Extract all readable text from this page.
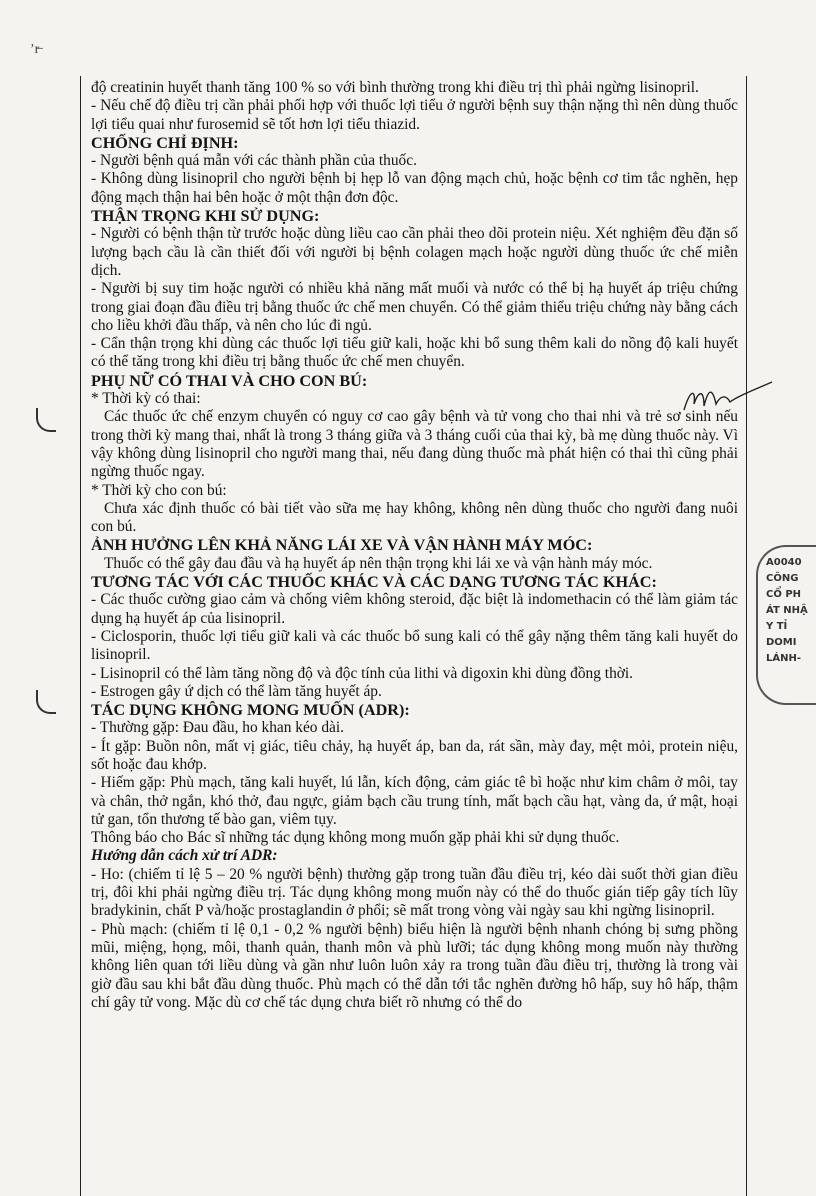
ʼr̶
A0040
CÔNG
CỔ PH
ÁT NHẬ
Y TỈ
DOMI
LÁNH-

độ creatinin huyết thanh tăng 100 % so với bình thường trong khi điều trị thì phải ngừng lisinopril.

- Nếu chế độ điều trị cần phải phối hợp với thuốc lợi tiểu ở người bệnh suy thận nặng thì nên dùng thuốc lợi tiểu quai như furosemid sẽ tốt hơn lợi tiểu thiazid.

CHỐNG CHỈ ĐỊNH:

- Người bệnh quá mẫn với các thành phần của thuốc.

- Không dùng lisinopril cho người bệnh bị hẹp lỗ van động mạch chủ, hoặc bệnh cơ tim tắc nghẽn, hẹp động mạch thận hai bên hoặc ở một thận đơn độc.

THẬN TRỌNG KHI SỬ DỤNG:

- Người có bệnh thận từ trước hoặc dùng liều cao cần phải theo dõi protein niệu. Xét nghiệm đều đặn số lượng bạch cầu là cần thiết đối với người bị bệnh colagen mạch hoặc người dùng thuốc ức chế miễn dịch.

- Người bị suy tim hoặc người có nhiều khả năng mất muối và nước có thể bị hạ huyết áp triệu chứng trong giai đoạn đầu điều trị bằng thuốc ức chế men chuyển. Có thể giảm thiểu triệu chứng này bằng cách cho liều khởi đầu thấp, và nên cho lúc đi ngủ.

- Cẩn thận trọng khi dùng các thuốc lợi tiểu giữ kali, hoặc khi bổ sung thêm kali do nồng độ kali huyết có thể tăng trong khi điều trị bằng thuốc ức chế men chuyển.

PHỤ NỮ CÓ THAI VÀ CHO CON BÚ:

* Thời kỳ có thai:

Các thuốc ức chế enzym chuyển có nguy cơ cao gây bệnh và tử vong cho thai nhi và trẻ sơ sinh nếu trong thời kỳ mang thai, nhất là trong 3 tháng giữa và 3 tháng cuối của thai kỳ, bà mẹ dùng thuốc này. Vì vậy không dùng lisinopril cho người mang thai, nếu đang dùng thuốc mà phát hiện có thai thì cũng phải ngừng thuốc ngay.

* Thời kỳ cho con bú:

Chưa xác định thuốc có bài tiết vào sữa mẹ hay không, không nên dùng thuốc cho người đang nuôi con bú.

ẢNH HƯỞNG LÊN KHẢ NĂNG LÁI XE VÀ VẬN HÀNH MÁY MÓC:

Thuốc có thể gây đau đầu và hạ huyết áp nên thận trọng khi lái xe và vận hành máy móc.

TƯƠNG TÁC VỚI CÁC THUỐC KHÁC VÀ CÁC DẠNG TƯƠNG TÁC KHÁC:

- Các thuốc cường giao cảm và chống viêm không steroid, đặc biệt là indomethacin có thể làm giảm tác dụng hạ huyết áp của lisinopril.

- Ciclosporin, thuốc lợi tiểu giữ kali và các thuốc bổ sung kali có thể gây nặng thêm tăng kali huyết do lisinopril.

- Lisinopril có thể làm tăng nồng độ và độc tính của lithi và digoxin khi dùng đồng thời.

- Estrogen gây ứ dịch có thể làm tăng huyết áp.

TÁC DỤNG KHÔNG MONG MUỐN (ADR):

- Thường gặp: Đau đầu, ho khan kéo dài.

- Ít gặp: Buồn nôn, mất vị giác, tiêu chảy, hạ huyết áp, ban da, rát sần, mày đay, mệt mỏi, protein niệu, sốt hoặc đau khớp.

- Hiếm gặp: Phù mạch, tăng kali huyết, lú lẫn, kích động, cảm giác tê bì hoặc như kim châm ở môi, tay và chân, thở ngắn, khó thở, đau ngực, giảm bạch cầu trung tính, mất bạch cầu hạt, vàng da, ứ mật, hoại tử gan, tổn thương tế bào gan, viêm tụy.

Thông báo cho Bác sĩ những tác dụng không mong muốn gặp phải khi sử dụng thuốc.

Hướng dẫn cách xử trí ADR:

- Ho: (chiếm tỉ lệ 5 – 20 % người bệnh) thường gặp trong tuần đầu điều trị, kéo dài suốt thời gian điều trị, đôi khi phải ngừng điều trị. Tác dụng không mong muốn này có thể do thuốc gián tiếp gây tích lũy bradykinin, chất P và/hoặc prostaglandin ở phổi; sẽ mất trong vòng vài ngày sau khi ngừng lisinopril.

- Phù mạch: (chiếm tỉ lệ 0,1 - 0,2 % người bệnh) biểu hiện là người bệnh nhanh chóng bị sưng phồng mũi, miệng, họng, môi, thanh quản, thanh môn và phù lưỡi; tác dụng không mong muốn này thường không liên quan tới liều dùng và gần như luôn luôn xảy ra trong tuần đầu điều trị, thường là trong vài giờ đầu sau khi bắt đầu dùng thuốc. Phù mạch có thể dẫn tới tắc nghẽn đường hô hấp, suy hô hấp, thậm chí gây tử vong. Mặc dù cơ chế tác dụng chưa biết rõ nhưng có thể do
